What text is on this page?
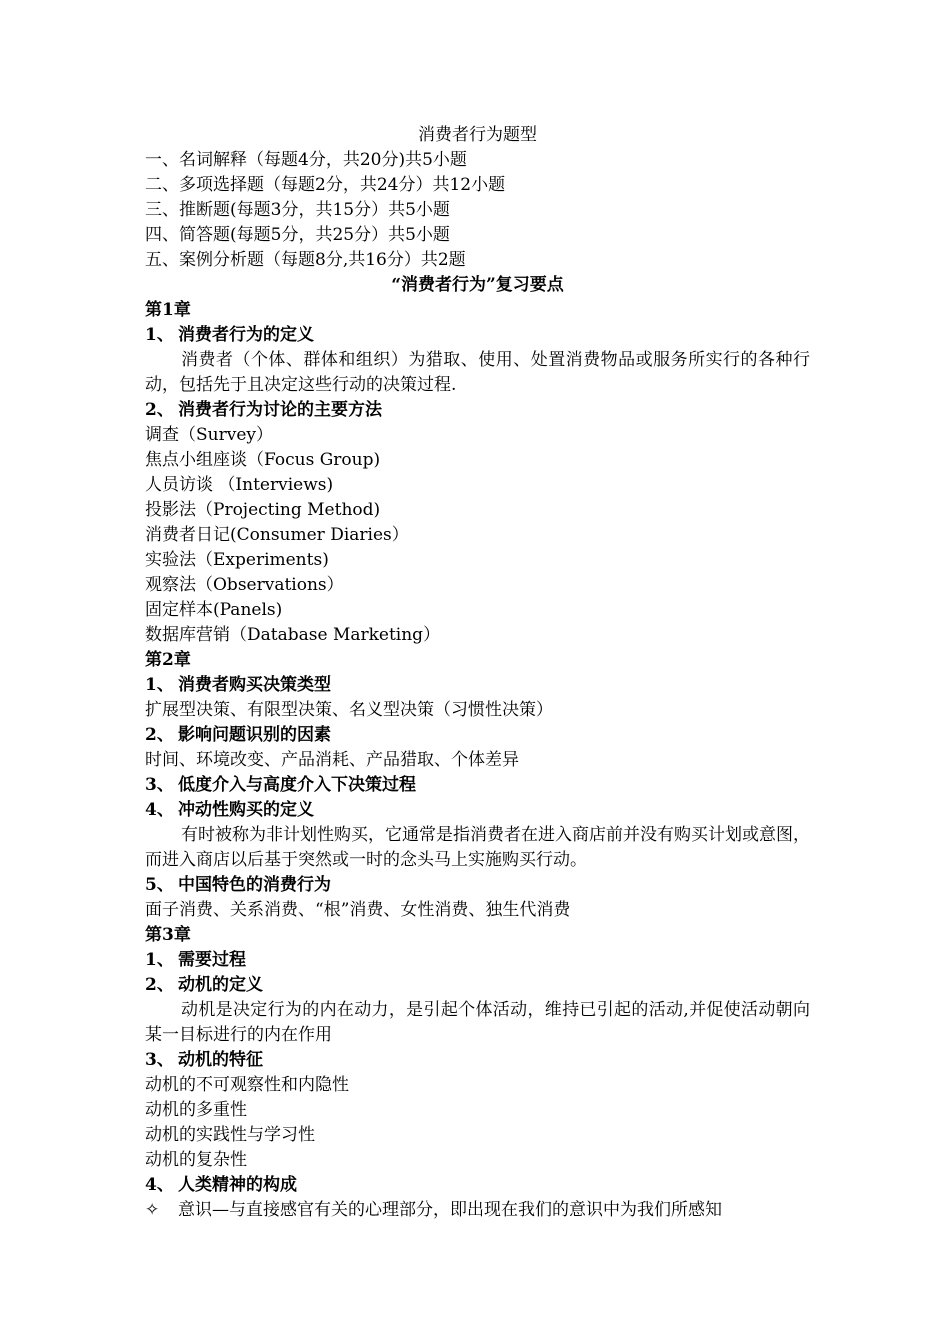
消费者行为题型
一、名词解释（每题4分，共20分)共5小题
二、多项选择题（每题2分，共24分）共12小题
三、推断题(每题3分，共15分）共5小题
四、简答题(每题5分，共25分）共5小题
五、案例分析题（每题8分,共16分）共2题
“消费者行为”复习要点
第1章
1、 消费者行为的定义
消费者（个体、群体和组织）为猎取、使用、处置消费物品或服务所实行的各种行动，包括先于且决定这些行动的决策过程.
2、 消费者行为讨论的主要方法
调查（Survey）
焦点小组座谈（Focus Group)
人员访谈 （Interviews)
投影法（Projecting Method)
消费者日记(Consumer Diaries）
实验法（Experiments)
观察法（Observations）
固定样本(Panels)
数据库营销（Database Marketing）
第2章
1、 消费者购买决策类型
扩展型决策、有限型决策、名义型决策（习惯性决策）
2、 影响问题识别的因素
时间、环境改变、产品消耗、产品猎取、个体差异
3、 低度介入与高度介入下决策过程
4、 冲动性购买的定义
有时被称为非计划性购买，它通常是指消费者在进入商店前并没有购买计划或意图，而进入商店以后基于突然或一时的念头马上实施购买行动。
5、 中国特色的消费行为
面子消费、关系消费、“根”消费、女性消费、独生代消费
第3章
1、 需要过程
2、 动机的定义
动机是决定行为的内在动力，是引起个体活动，维持已引起的活动,并促使活动朝向某一目标进行的内在作用
3、 动机的特征
动机的不可观察性和内隐性
动机的多重性
动机的实践性与学习性
动机的复杂性
4、 人类精神的构成
✧ 意识—与直接感官有关的心理部分，即出现在我们的意识中为我们所感知
